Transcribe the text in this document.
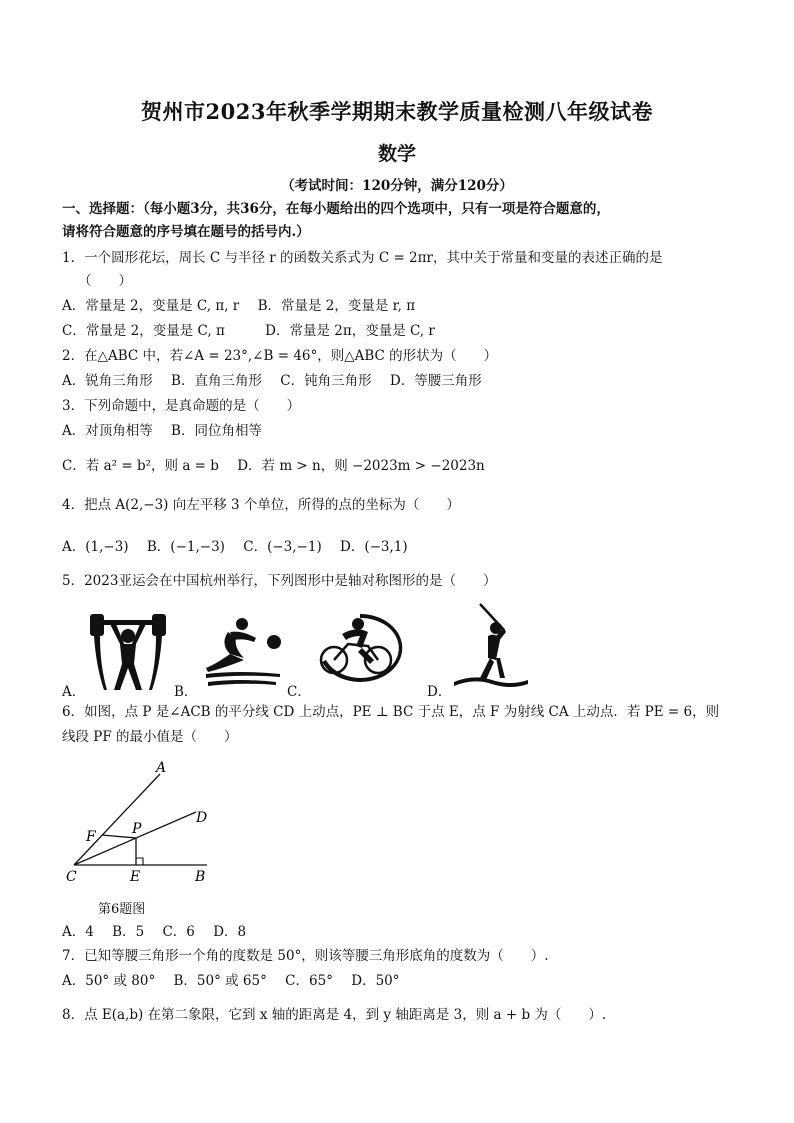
贺州市2023年秋季学期期末教学质量检测八年级试卷
数学
（考试时间：120分钟，满分120分）
一、选择题：（每小题3分，共36分，在每小题给出的四个选项中，只有一项是符合题意的，
请将符合题意的序号填在题号的括号内.）
1．一个圆形花坛，周长 C 与半径 r 的函数关系式为 C = 2πr，其中关于常量和变量的表述正确的是
（　　）
A．常量是 2，变量是 C, π, r B．常量是 2，变量是 r, π
C．常量是 2，变量是 C, π	D．常量是 2π，变量是 C, r
2．在△ABC 中，若∠A = 23°,∠B = 46°，则△ABC 的形状为（　　）
A．锐角三角形 B．直角三角形 C．钝角三角形 D．等腰三角形
3．下列命题中，是真命题的是（　　）
A．对顶角相等 B．同位角相等
C．若 a² = b²，则 a = b D．若 m > n，则 −2023m > −2023n
4．把点 A(2,−3) 向左平移 3 个单位，所得的点的坐标为（　　）
A．(1,−3) B．(−1,−3) C．(−3,−1) D．(−3,1)
5．2023亚运会在中国杭州举行，下列图形中是轴对称图形的是（　　）
A．	B．	C．	D．
6．如图，点 P 是∠ACB 的平分线 CD 上动点，PE ⊥ BC 于点 E，点 F 为射线 CA 上动点．若 PE = 6，则
线段 PF 的最小值是（　　）
A
D
F	P
C	E	B
第6题图
A．4 B．5 C．6 D．8
7．已知等腰三角形一个角的度数是 50°，则该等腰三角形底角的度数为（　　）.
A．50° 或 80° B．50° 或 65° C．65° D．50°
8．点 E(a,b) 在第二象限，它到 x 轴的距离是 4，到 y 轴距离是 3，则 a + b 为（　　）.
